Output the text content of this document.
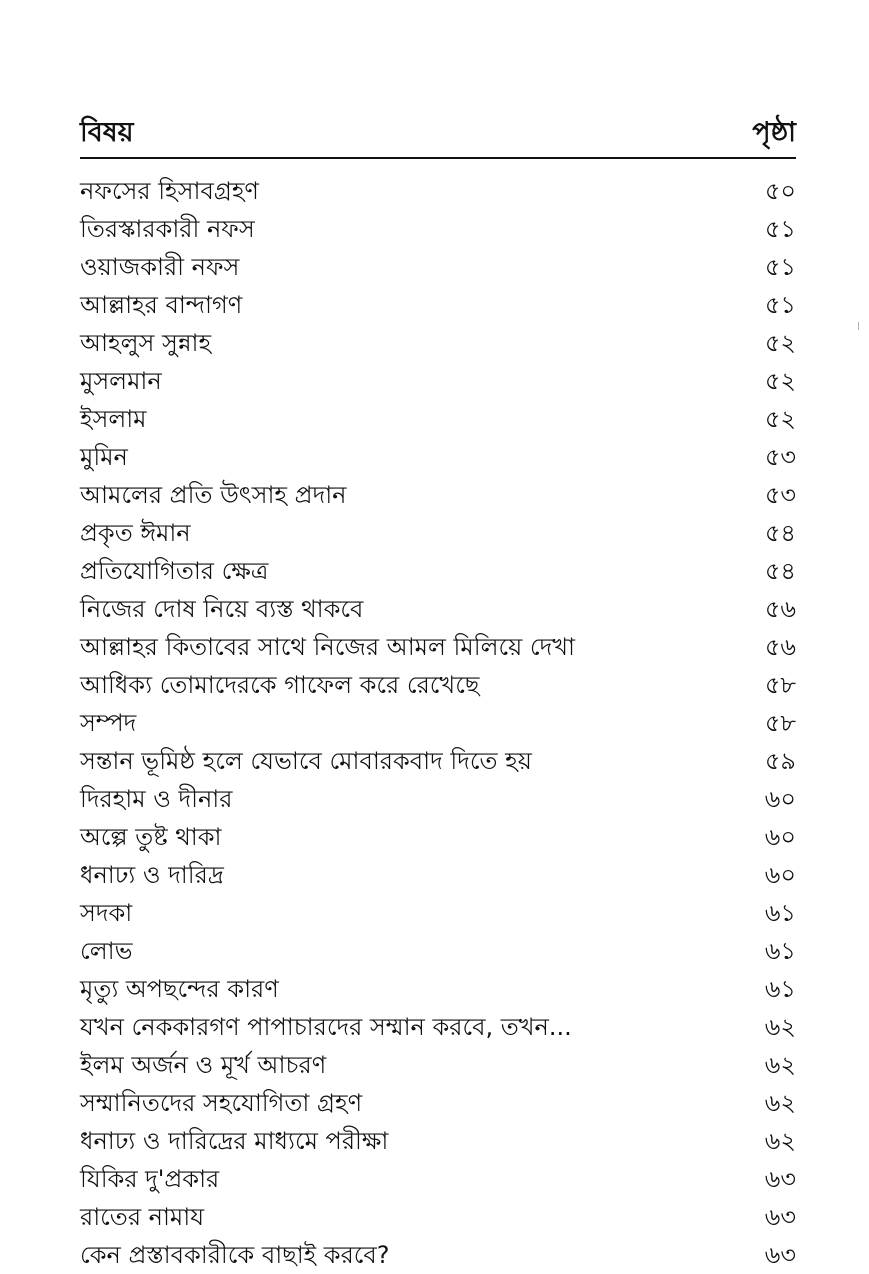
বিষয়	পৃষ্ঠা
নফসের হিসাবগ্রহণ	৫০
তিরস্কারকারী নফস	৫১
ওয়াজকারী নফস	৫১
আল্লাহর বান্দাগণ	৫১
আহলুস সুন্নাহ	৫২
মুসলমান	৫২
ইসলাম	৫২
মুমিন	৫৩
আমলের প্রতি উৎসাহ প্রদান	৫৩
প্রকৃত ঈমান	৫৪
প্রতিযোগিতার ক্ষেত্র	৫৪
নিজের দোষ নিয়ে ব্যস্ত থাকবে	৫৬
আল্লাহর কিতাবের সাথে নিজের আমল মিলিয়ে দেখা	৫৬
আধিক্য তোমাদেরকে গাফেল করে রেখেছে	৫৮
সম্পদ	৫৮
সন্তান ভূমিষ্ঠ হলে যেভাবে মোবারকবাদ দিতে হয়	৫৯
দিরহাম ও দীনার	৬০
অল্পে তুষ্ট থাকা	৬০
ধনাঢ্য ও দারিদ্র	৬০
সদকা	৬১
লোভ	৬১
মৃত্যু অপছন্দের কারণ	৬১
যখন নেককারগণ পাপাচারদের সম্মান করবে, তখন...	৬২
ইলম অর্জন ও মূর্খ আচরণ	৬২
সম্মানিতদের সহযোগিতা গ্রহণ	৬২
ধনাঢ্য ও দারিদ্রের মাধ্যমে পরীক্ষা	৬২
যিকির দু'প্রকার	৬৩
রাতের নামায	৬৩
কেন প্রস্তাবকারীকে বাছাই করবে?	৬৩
